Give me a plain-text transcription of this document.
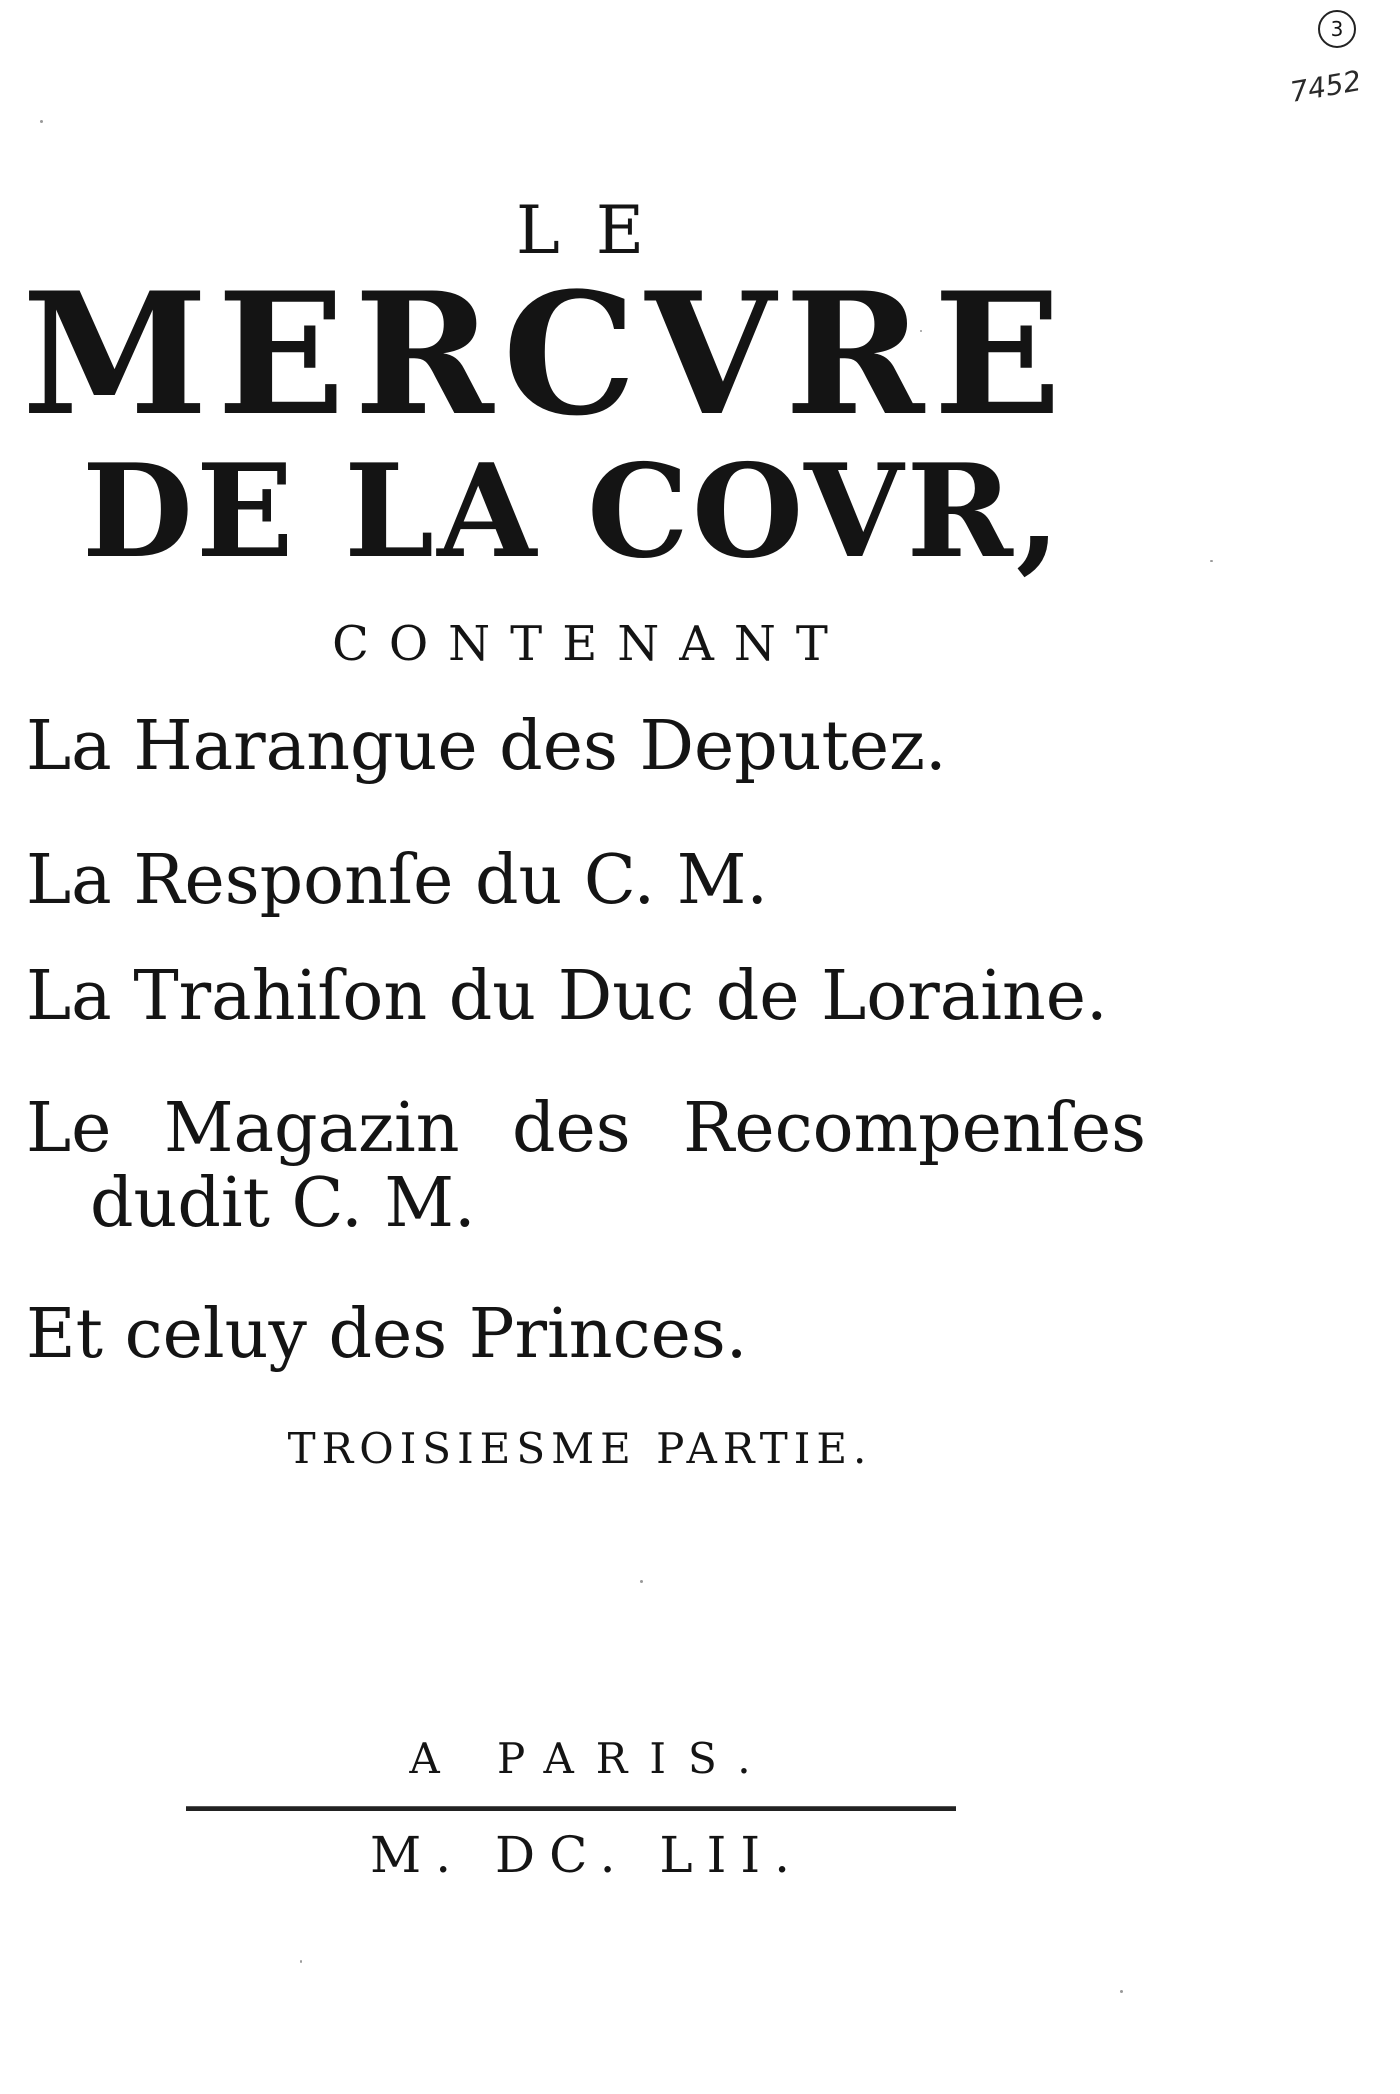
3
7452
LE
MERCVRE
DE LA COVR,
CONTENANT
La Harangue des Deputez.
La Responſe du C. M.
La Trahiſon du Duc de Loraine.
Le Magazin des Recompenſes
dudit C. M.
Et celuy des Princes.
TROISIESME PARTIE.
A PARIS.
M. DC. LII.
